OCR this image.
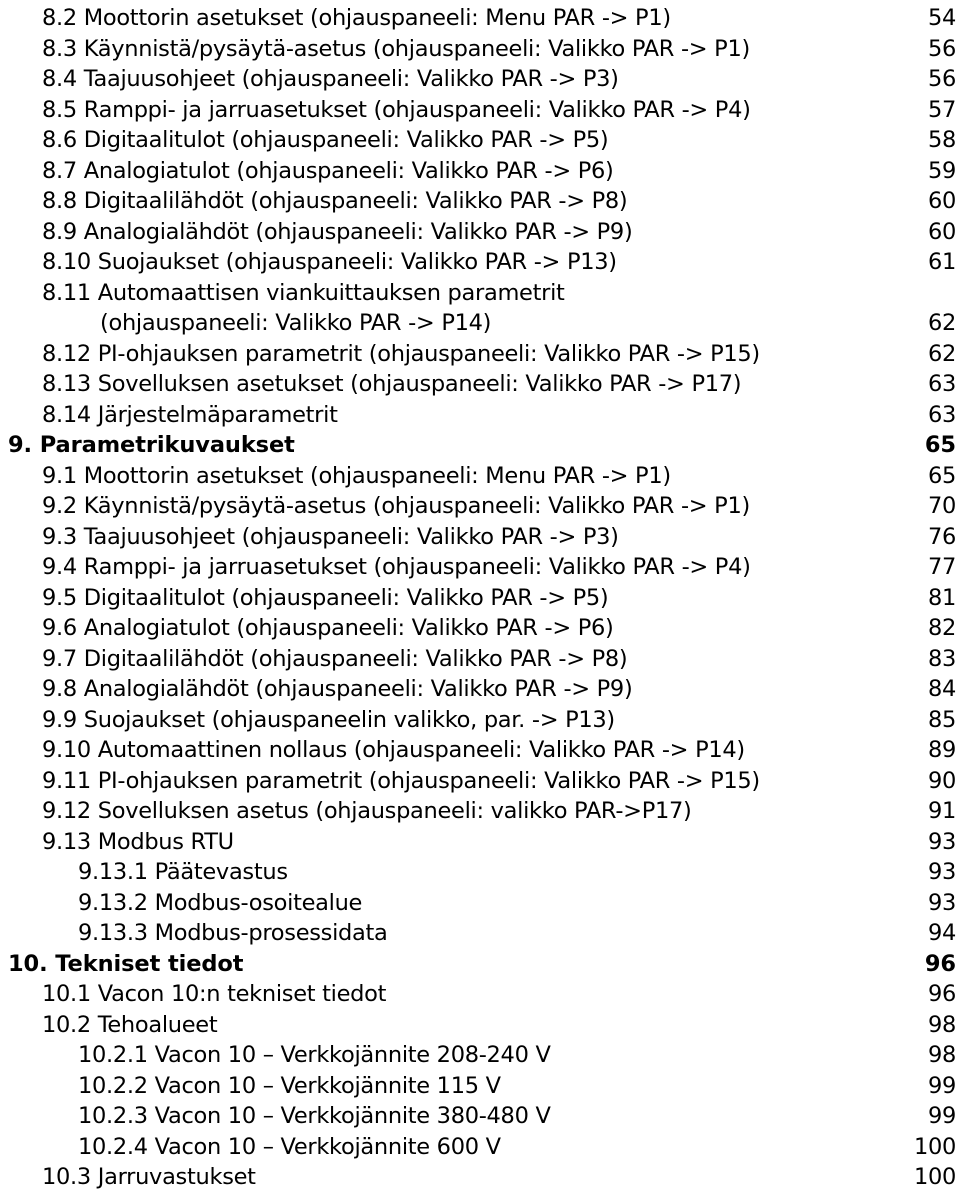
8.2 Moottorin asetukset (ohjauspaneeli: Menu PAR -> P1)	54
8.3 Käynnistä/pysäytä-asetus (ohjauspaneeli: Valikko PAR -> P1)	56
8.4 Taajuusohjeet (ohjauspaneeli: Valikko PAR -> P3)	56
8.5 Ramppi- ja jarruasetukset (ohjauspaneeli: Valikko PAR -> P4)	57
8.6 Digitaalitulot (ohjauspaneeli: Valikko PAR -> P5)	58
8.7 Analogiatulot (ohjauspaneeli: Valikko PAR -> P6)	59
8.8 Digitaalilähdöt (ohjauspaneeli: Valikko PAR -> P8)	60
8.9 Analogialähdöt (ohjauspaneeli: Valikko PAR -> P9)	60
8.10 Suojaukset (ohjauspaneeli: Valikko PAR -> P13)	61
8.11 Automaattisen viankuittauksen parametrit
(ohjauspaneeli: Valikko PAR -> P14)	62
8.12 PI-ohjauksen parametrit (ohjauspaneeli: Valikko PAR -> P15)	62
8.13 Sovelluksen asetukset (ohjauspaneeli: Valikko PAR -> P17)	63
8.14 Järjestelmäparametrit	63
9. Parametrikuvaukset	65
9.1 Moottorin asetukset (ohjauspaneeli: Menu PAR -> P1)	65
9.2 Käynnistä/pysäytä-asetus (ohjauspaneeli: Valikko PAR -> P1)	70
9.3 Taajuusohjeet (ohjauspaneeli: Valikko PAR -> P3)	76
9.4 Ramppi- ja jarruasetukset (ohjauspaneeli: Valikko PAR -> P4)	77
9.5 Digitaalitulot (ohjauspaneeli: Valikko PAR -> P5)	81
9.6 Analogiatulot (ohjauspaneeli: Valikko PAR -> P6)	82
9.7 Digitaalilähdöt (ohjauspaneeli: Valikko PAR -> P8)	83
9.8 Analogialähdöt (ohjauspaneeli: Valikko PAR -> P9)	84
9.9 Suojaukset (ohjauspaneelin valikko, par. -> P13)	85
9.10 Automaattinen nollaus (ohjauspaneeli: Valikko PAR -> P14)	89
9.11 PI-ohjauksen parametrit (ohjauspaneeli: Valikko PAR -> P15)	90
9.12 Sovelluksen asetus (ohjauspaneeli: valikko PAR->P17)	91
9.13 Modbus RTU	93
9.13.1 Päätevastus	93
9.13.2 Modbus-osoitealue	93
9.13.3 Modbus-prosessidata	94
10. Tekniset tiedot	96
10.1 Vacon 10:n tekniset tiedot	96
10.2 Tehoalueet	98
10.2.1 Vacon 10 – Verkkojännite 208-240 V	98
10.2.2 Vacon 10 – Verkkojännite 115 V	99
10.2.3 Vacon 10 – Verkkojännite 380-480 V	99
10.2.4 Vacon 10 – Verkkojännite 600 V	100
10.3 Jarruvastukset	100
